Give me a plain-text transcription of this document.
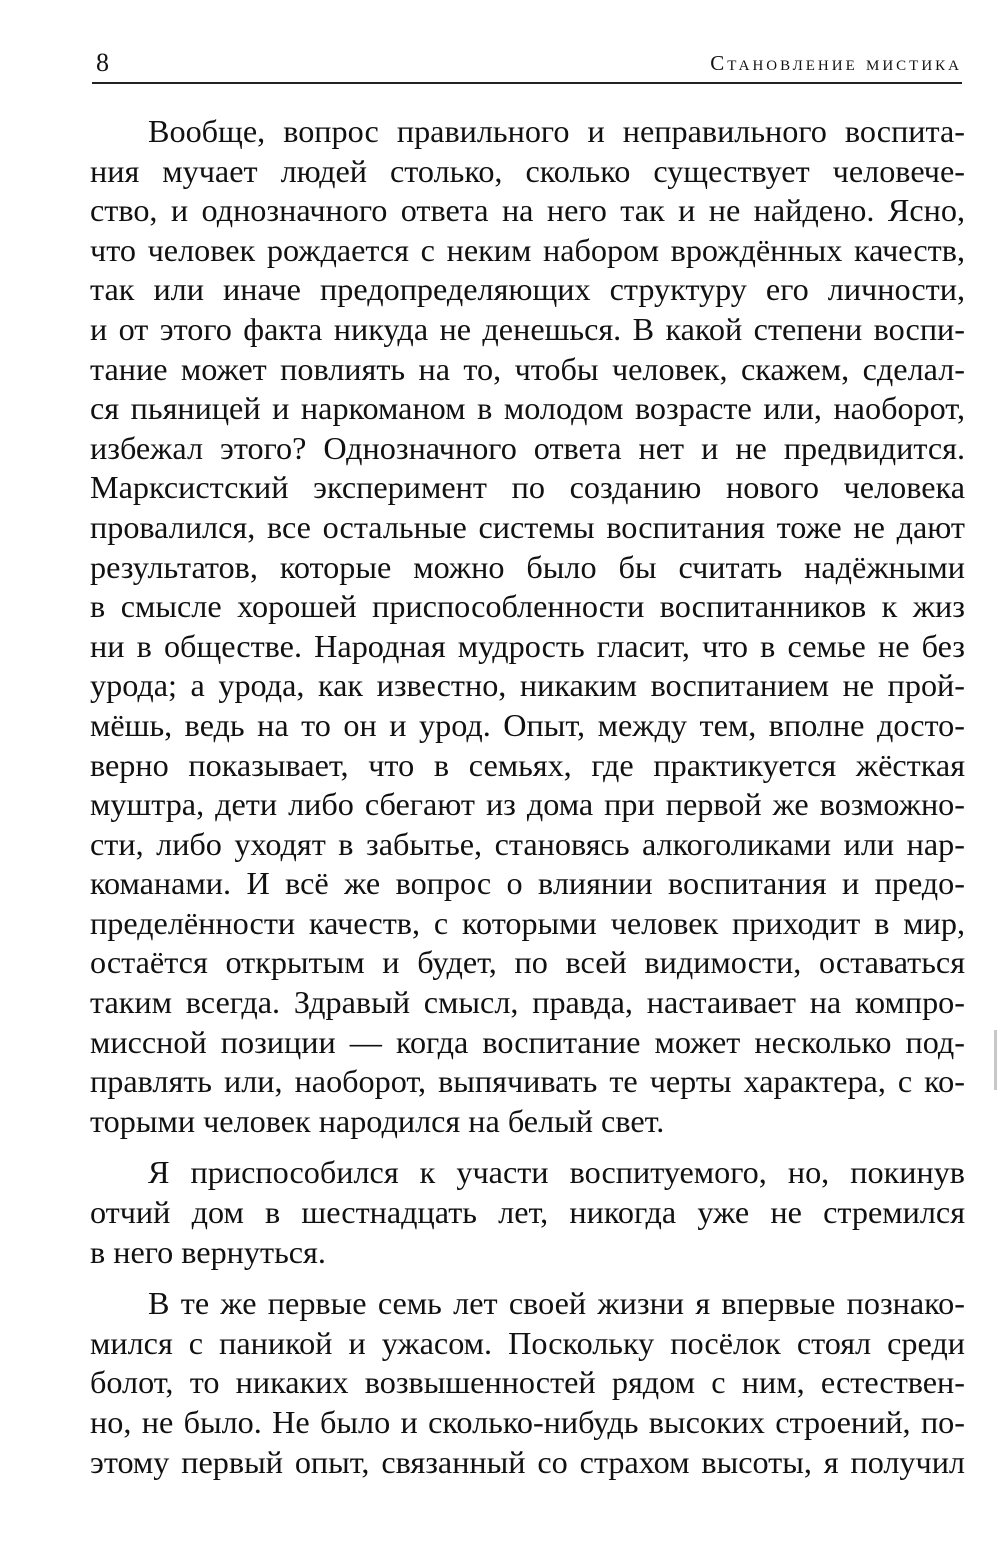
8	Становление мистика
Вообще, вопрос правильного и неправильного воспита-
ния мучает людей столько, сколько существует человече-
ство, и однозначного ответа на него так и не найдено. Ясно,
что человек рождается с неким набором врождённых качеств,
так или иначе предопределяющих структуру его личности,
и от этого факта никуда не денешься. В какой степени воспи-
тание может повлиять на то, чтобы человек, скажем, сделал-
ся пьяницей и наркоманом в молодом возрасте или, наоборот,
избежал этого? Однозначного ответа нет и не предвидится.
Марксистский эксперимент по созданию нового человека
провалился, все остальные системы воспитания тоже не дают
результатов, которые можно было бы считать надёжными
в смысле хорошей приспособленности воспитанников к жиз
ни в обществе. Народная мудрость гласит, что в семье не без
урода; а урода, как известно, никаким воспитанием не прой-
мёшь, ведь на то он и урод. Опыт, между тем, вполне досто-
верно показывает, что в семьях, где практикуется жёсткая
муштра, дети либо сбегают из дома при первой же возможно-
сти, либо уходят в забытье, становясь алкоголиками или нар-
команами. И всё же вопрос о влиянии воспитания и предо-
пределённости качеств, с которыми человек приходит в мир,
остаётся открытым и будет, по всей видимости, оставаться
таким всегда. Здравый смысл, правда, настаивает на компро-
миссной позиции — когда воспитание может несколько под-
правлять или, наоборот, выпячивать те черты характера, с ко-
торыми человек народился на белый свет.
Я приспособился к участи воспитуемого, но, покинув
отчий дом в шестнадцать лет, никогда уже не стремился
в него вернуться.
В те же первые семь лет своей жизни я впервые познако-
мился с паникой и ужасом. Поскольку посёлок стоял среди
болот, то никаких возвышенностей рядом с ним, естествен-
но, не было. Не было и сколько-нибудь высоких строений, по-
этому первый опыт, связанный со страхом высоты, я получил
